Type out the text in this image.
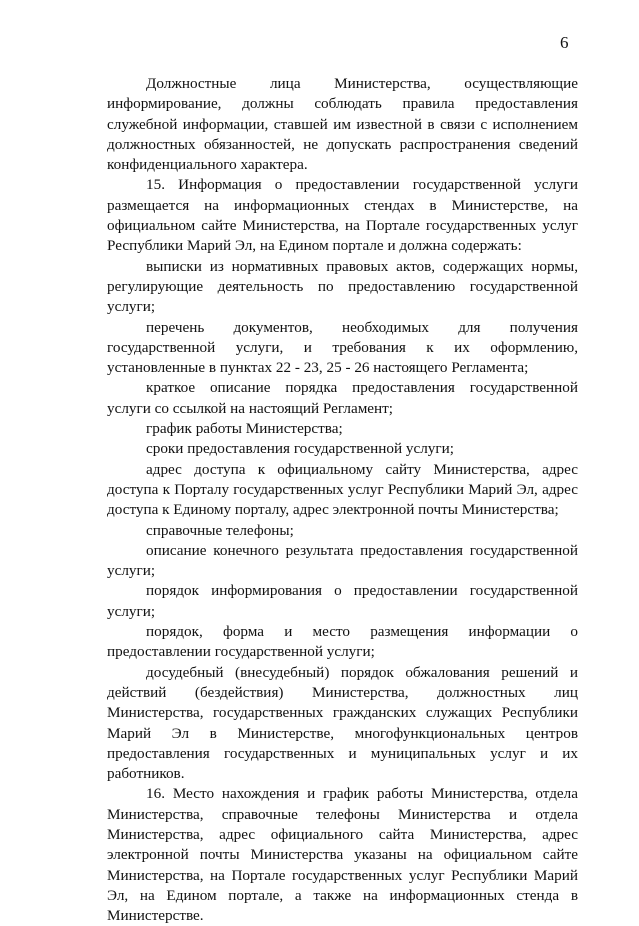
6

Должностные лица Министерства, осуществляющие информирование, должны соблюдать правила предоставления служебной информации, ставшей им известной в связи с исполнением должностных обязанностей, не допускать распространения сведений конфиденциального характера.

15. Информация о предоставлении государственной услуги размещается на информационных стендах в Министерстве, на официальном сайте Министерства, на Портале государственных услуг Республики Марий Эл, на Едином портале и должна содержать:

выписки из нормативных правовых актов, содержащих нормы, регулирующие деятельность по предоставлению государственной услуги;

перечень документов, необходимых для получения государственной услуги, и требования к их оформлению, установленные в пунктах 22 - 23, 25 - 26 настоящего Регламента;

краткое описание порядка предоставления государственной услуги со ссылкой на настоящий Регламент;

график работы Министерства;

сроки предоставления государственной услуги;

адрес доступа к официальному сайту Министерства, адрес доступа к Порталу государственных услуг Республики Марий Эл, адрес доступа к Единому порталу, адрес электронной почты Министерства;

справочные телефоны;

описание конечного результата предоставления государственной услуги;

порядок информирования о предоставлении государственной услуги;

порядок, форма и место размещения информации о предоставлении государственной услуги;

досудебный (внесудебный) порядок обжалования решений и действий (бездействия) Министерства, должностных лиц Министерства, государственных гражданских служащих Республики Марий Эл в Министерстве, многофункциональных центров предоставления государственных и муниципальных услуг и их работников.

16. Место нахождения и график работы Министерства, отдела Министерства, справочные телефоны Министерства и отдела Министерства, адрес официального сайта Министерства, адрес электронной почты Министерства указаны на официальном сайте Министерства, на Портале государственных услуг Республики Марий Эл, на Едином портале, а также на информационных стенда в Министерстве.
